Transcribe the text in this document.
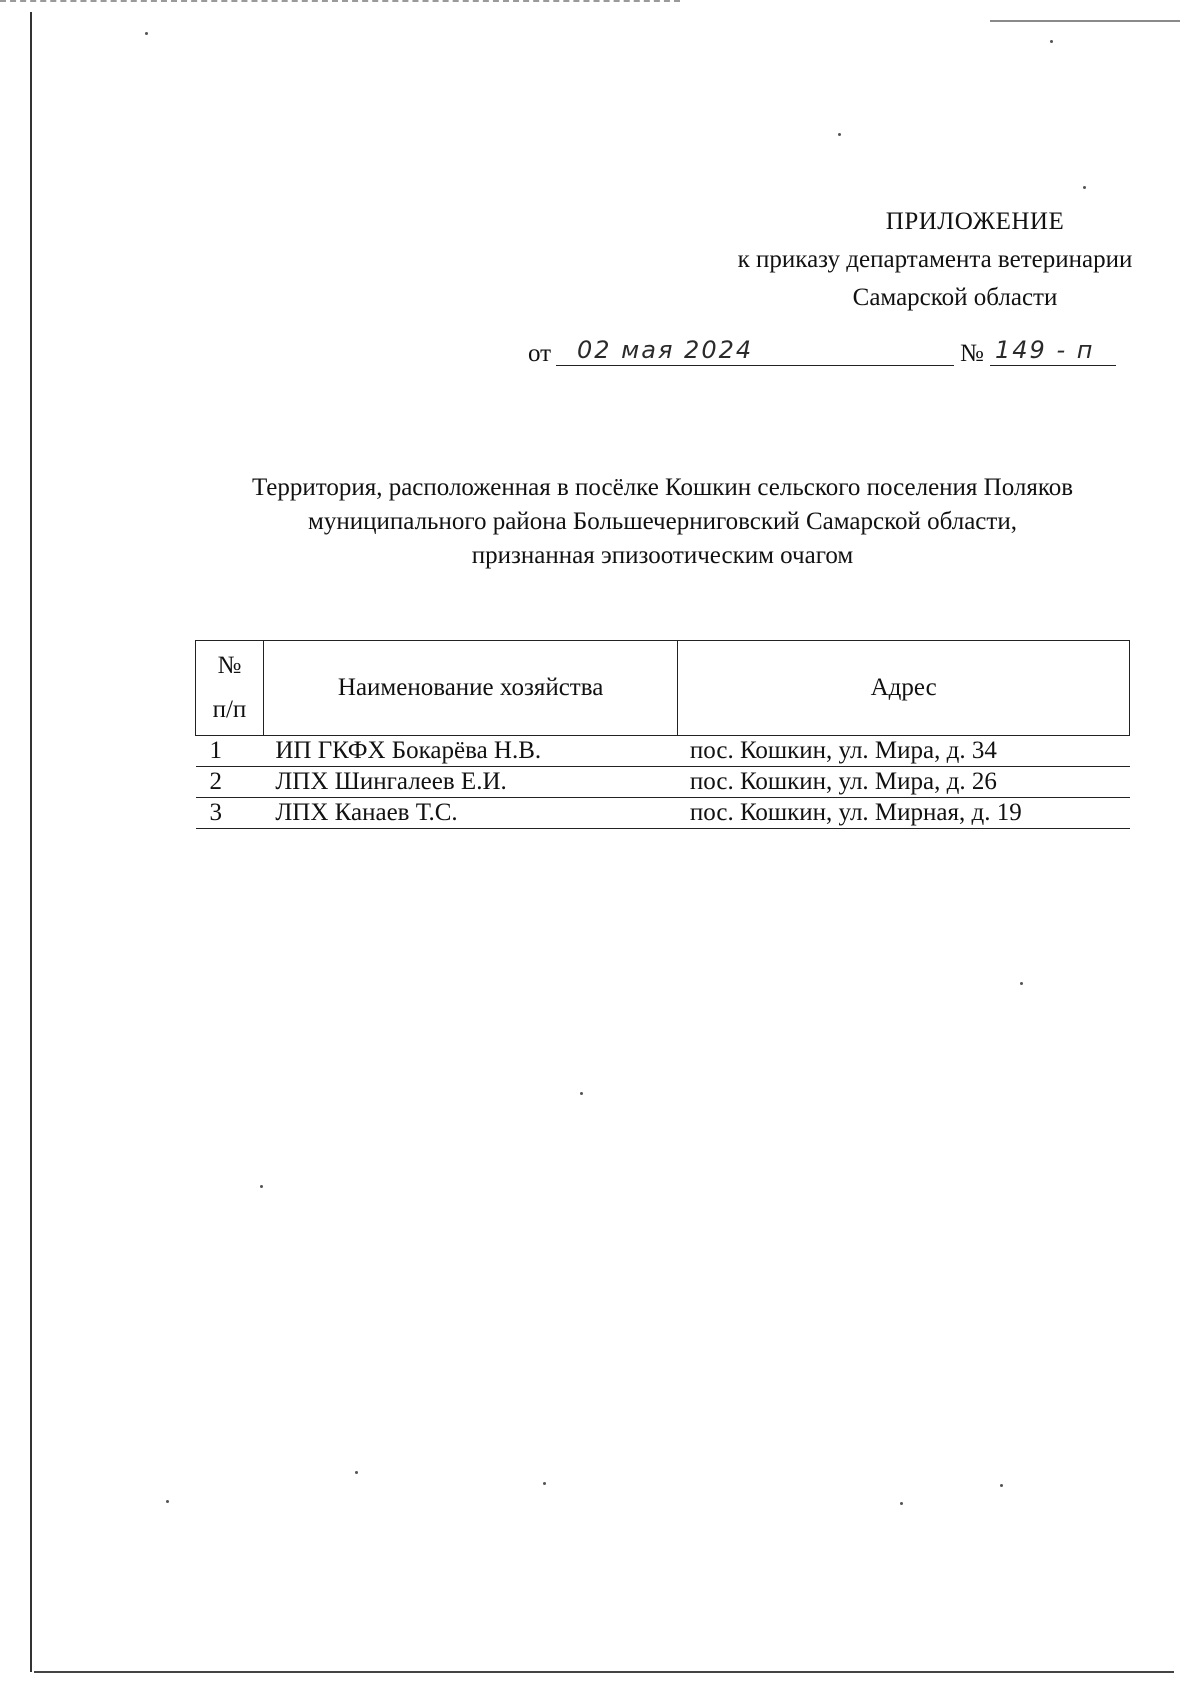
ПРИЛОЖЕНИЕ
к приказу департамента ветеринарии
Самарской области
от	02 мая 2024	№ 149 - п
Территория, расположенная в посёлке Кошкин сельского поселения Поляков
муниципального района Большечерниговский Самарской области,
признанная эпизоотическим очагом
№
п/п	Наименование хозяйства	Адрес
1	ИП ГКФХ Бокарёва Н.В.	пос. Кошкин, ул. Мира, д. 34
2	ЛПХ Шингалеев Е.И.	пос. Кошкин, ул. Мира, д. 26
3	ЛПХ Канаев Т.С.	пос. Кошкин, ул. Мирная, д. 19
